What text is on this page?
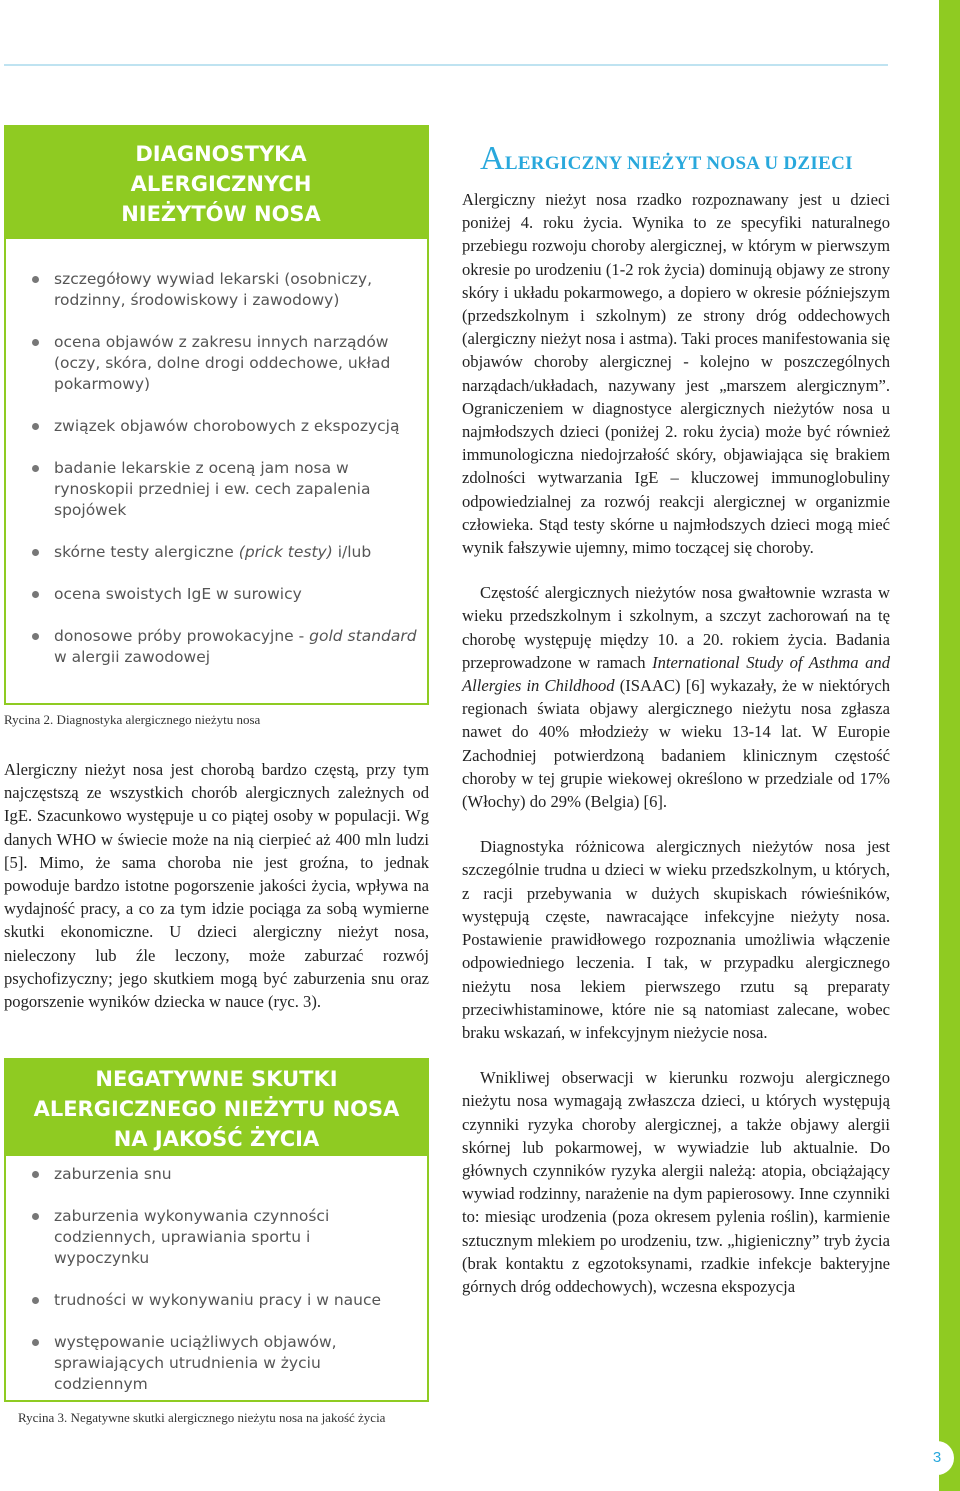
DIAGNOSTYKA ALERGICZNYCH NIEŻYTÓW NOSA
szczegółowy wywiad lekarski (osobniczy, rodzinny, środowiskowy i zawodowy)
ocena objawów z zakresu innych narządów (oczy, skóra, dolne drogi oddechowe, układ pokarmowy)
związek objawów chorobowych z ekspozycją
badanie lekarskie z oceną jam nosa w rynoskopii przedniej i ew. cech zapalenia spojówek
skórne testy alergiczne (prick testy) i/lub
ocena swoistych IgE w surowicy
donosowe próby prowokacyjne - gold standard w alergii zawodowej
Rycina 2. Diagnostyka alergicznego nieżytu nosa

Alergiczny nieżyt nosa jest chorobą bardzo częstą, przy tym najczęstszą ze wszystkich chorób alergicznych zależnych od IgE. Szacunkowo występuje u co piątej osoby w populacji. Wg danych WHO w świecie może na nią cierpieć aż 400 mln ludzi [5]. Mimo, że sama choroba nie jest groźna, to jednak powoduje bardzo istotne pogorszenie jakości życia, wpływa na wydajność pracy, a co za tym idzie pociąga za sobą wymierne skutki ekonomiczne. U dzieci alergiczny nieżyt nosa, nieleczony lub źle leczony, może zaburzać rozwój psychofizyczny; jego skutkiem mogą być zaburzenia snu oraz pogorszenie wyników dziecka w nauce (ryc. 3).

NEGATYWNE SKUTKI ALERGICZNEGO NIEŻYTU NOSA NA JAKOŚĆ ŻYCIA
zaburzenia snu
zaburzenia wykonywania czynności codziennych, uprawiania sportu i wypoczynku
trudności w wykonywaniu pracy i w nauce
występowanie uciążliwych objawów, sprawiających utrudnienia w życiu codziennym
Rycina 3. Negatywne skutki alergicznego nieżytu nosa na jakość życia
ALERGICZNY NIEŻYT NOSA U DZIECI

Alergiczny nieżyt nosa rzadko rozpoznawany jest u dzieci poniżej 4. roku życia. Wynika to ze specyfiki naturalnego przebiegu rozwoju choroby alergicznej, w którym w pierwszym okresie po urodzeniu (1-2 rok życia) dominują objawy ze strony skóry i układu pokarmowego, a dopiero w okresie późniejszym (przedszkolnym i szkolnym) ze strony dróg oddechowych (alergiczny nieżyt nosa i astma). Taki proces manifestowania się objawów choroby alergicznej - kolejno w poszczególnych narządach/układach, nazywany jest „marszem alergicznym”. Ograniczeniem w diagnostyce alergicznych nieżytów nosa u najmłodszych dzieci (poniżej 2. roku życia) może być również immunologiczna niedojrzałość skóry, objawiająca się brakiem zdolności wytwarzania IgE – kluczowej immunoglobuliny odpowiedzialnej za rozwój reakcji alergicznej w organizmie człowieka. Stąd testy skórne u najmłodszych dzieci mogą mieć wynik fałszywie ujemny, mimo toczącej się choroby.

Częstość alergicznych nieżytów nosa gwałtownie wzrasta w wieku przedszkolnym i szkolnym, a szczyt zachorowań na tę chorobę występuję między 10. a 20. rokiem życia. Badania przeprowadzone w ramach International Study of Asthma and Allergies in Childhood (ISAAC) [6] wykazały, że w niektórych regionach świata objawy alergicznego nieżytu nosa zgłasza nawet do 40% młodzieży w wieku 13-14 lat. W Europie Zachodniej potwierdzoną badaniem klinicznym częstość choroby w tej grupie wiekowej określono w przedziale od 17% (Włochy) do 29% (Belgia) [6].

Diagnostyka różnicowa alergicznych nieżytów nosa jest szczególnie trudna u dzieci w wieku przedszkolnym, u których, z racji przebywania w dużych skupiskach rówieśników, występują częste, nawracające infekcyjne nieżyty nosa. Postawienie prawidłowego rozpoznania umożliwia włączenie odpowiedniego leczenia. I tak, w przypadku alergicznego nieżytu nosa lekiem pierwszego rzutu są preparaty przeciwhistaminowe, które nie są natomiast zalecane, wobec braku wskazań, w infekcyjnym nieżycie nosa.

Wnikliwej obserwacji w kierunku rozwoju alergicznego nieżytu nosa wymagają zwłaszcza dzieci, u których występują czynniki ryzyka choroby alergicznej, a także objawy alergii skórnej lub pokarmowej, w wywiadzie lub aktualnie. Do głównych czynników ryzyka alergii należą: atopia, obciążający wywiad rodzinny, narażenie na dym papierosowy. Inne czynniki to: miesiąc urodzenia (poza okresem pylenia roślin), karmienie sztucznym mlekiem po urodzeniu, tzw. „higieniczny” tryb życia (brak kontaktu z egzotoksynami, rzadkie infekcje bakteryjne górnych dróg oddechowych), wczesna ekspozycja

3
